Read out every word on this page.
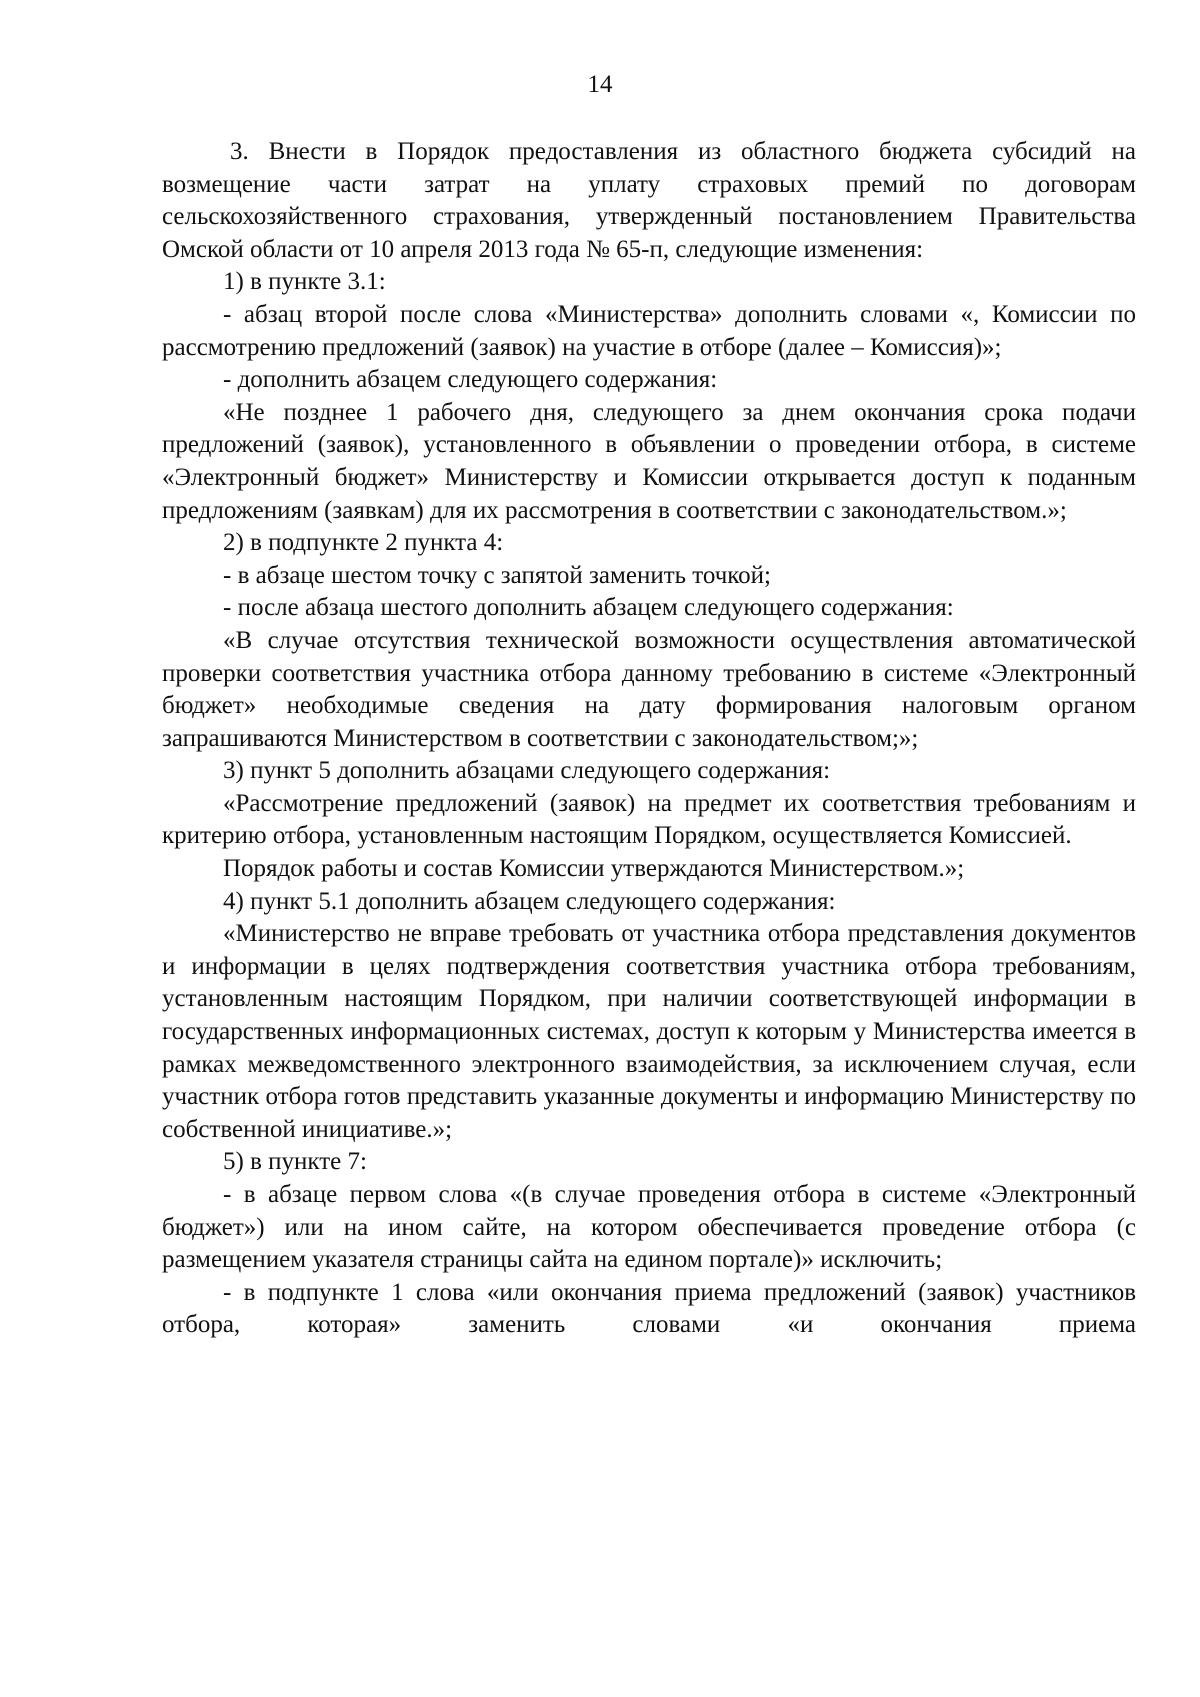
14

3. Внести в Порядок предоставления из областного бюджета субсидий на возмещение части затрат на уплату страховых премий по договорам сельскохозяйственного страхования, утвержденный постановлением Правительства Омской области от 10 апреля 2013 года № 65-п, следующие изменения:

1) в пункте 3.1:

- абзац второй после слова «Министерства» дополнить словами «, Комиссии по рассмотрению предложений (заявок) на участие в отборе (далее – Комиссия)»;

- дополнить абзацем следующего содержания:

«Не позднее 1 рабочего дня, следующего за днем окончания срока подачи предложений (заявок), установленного в объявлении о проведении отбора, в системе «Электронный бюджет» Министерству и Комиссии открывается доступ к поданным предложениям (заявкам) для их рассмотрения в соответствии с законодательством.»;

2) в подпункте 2 пункта 4:

- в абзаце шестом точку с запятой заменить точкой;

- после абзаца шестого дополнить абзацем следующего содержания:

«В случае отсутствия технической возможности осуществления автоматической проверки соответствия участника отбора данному требованию в системе «Электронный бюджет» необходимые сведения на дату формирования налоговым органом запрашиваются Министерством в соответствии с законодательством;»;

3) пункт 5 дополнить абзацами следующего содержания:

«Рассмотрение предложений (заявок) на предмет их соответствия требованиям и критерию отбора, установленным настоящим Порядком, осуществляется Комиссией.

Порядок работы и состав Комиссии утверждаются Министерством.»;

4) пункт 5.1 дополнить абзацем следующего содержания:

«Министерство не вправе требовать от участника отбора представления документов и информации в целях подтверждения соответствия участника отбора требованиям, установленным настоящим Порядком, при наличии соответствующей информации в государственных информационных системах, доступ к которым у Министерства имеется в рамках межведомственного электронного взаимодействия, за исключением случая, если участник отбора готов представить указанные документы и информацию Министерству по собственной инициативе.»;

5) в пункте 7:

- в абзаце первом слова «(в случае проведения отбора в системе «Электронный бюджет») или на ином сайте, на котором обеспечивается проведение отбора (с размещением указателя страницы сайта на едином портале)» исключить;

- в подпункте 1 слова «или окончания приема предложений (заявок) участников отбора, которая» заменить словами «и окончания приема
